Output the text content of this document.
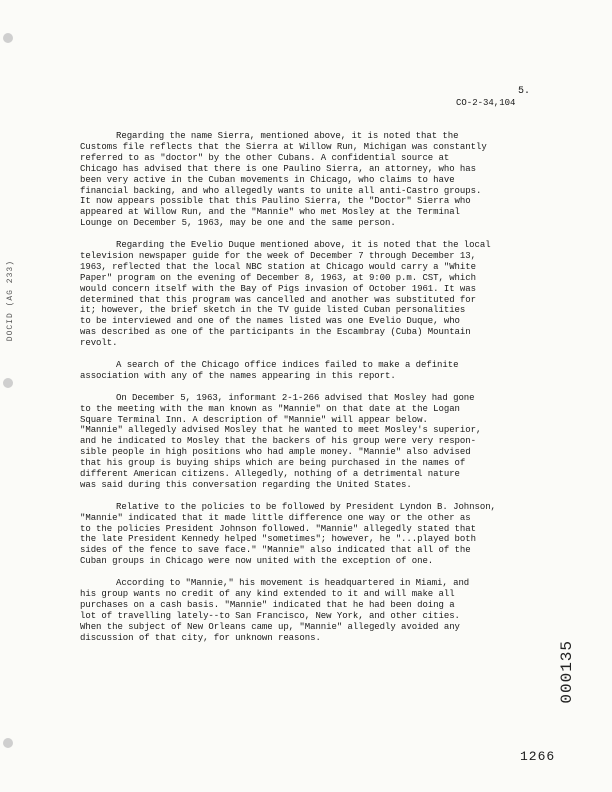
DOCID (AG 233)
5.
CO-2-34,104

Regarding the name Sierra, mentioned above, it is noted that the
Customs file reflects that the Sierra at Willow Run, Michigan was constantly
referred to as "doctor" by the other Cubans. A confidential source at
Chicago has advised that there is one Paulino Sierra, an attorney, who has
been very active in the Cuban movements in Chicago, who claims to have
financial backing, and who allegedly wants to unite all anti-Castro groups.
It now appears possible that this Paulino Sierra, the "Doctor" Sierra who
appeared at Willow Run, and the "Mannie" who met Mosley at the Terminal
Lounge on December 5, 1963, may be one and the same person.

Regarding the Evelio Duque mentioned above, it is noted that the local
television newspaper guide for the week of December 7 through December 13,
1963, reflected that the local NBC station at Chicago would carry a "White
Paper" program on the evening of December 8, 1963, at 9:00 p.m. CST, which
would concern itself with the Bay of Pigs invasion of October 1961. It was
determined that this program was cancelled and another was substituted for
it; however, the brief sketch in the TV guide listed Cuban personalities
to be interviewed and one of the names listed was one Evelio Duque, who
was described as one of the participants in the Escambray (Cuba) Mountain
revolt.

A search of the Chicago office indices failed to make a definite
association with any of the names appearing in this report.

On December 5, 1963, informant 2-1-266 advised that Mosley had gone
to the meeting with the man known as "Mannie" on that date at the Logan
Square Terminal Inn. A description of "Mannie" will appear below.
"Mannie" allegedly advised Mosley that he wanted to meet Mosley's superior,
and he indicated to Mosley that the backers of his group were very respon-
sible people in high positions who had ample money. "Mannie" also advised
that his group is buying ships which are being purchased in the names of
different American citizens. Allegedly, nothing of a detrimental nature
was said during this conversation regarding the United States.

Relative to the policies to be followed by President Lyndon B. Johnson,
"Mannie" indicated that it made little difference one way or the other as
to the policies President Johnson followed. "Mannie" allegedly stated that
the late President Kennedy helped "sometimes"; however, he "...played both
sides of the fence to save face." "Mannie" also indicated that all of the
Cuban groups in Chicago were now united with the exception of one.

According to "Mannie," his movement is headquartered in Miami, and
his group wants no credit of any kind extended to it and will make all
purchases on a cash basis. "Mannie" indicated that he had been doing a
lot of travelling lately--to San Francisco, New York, and other cities.
When the subject of New Orleans came up, "Mannie" allegedly avoided any
discussion of that city, for unknown reasons.

000135
1266
